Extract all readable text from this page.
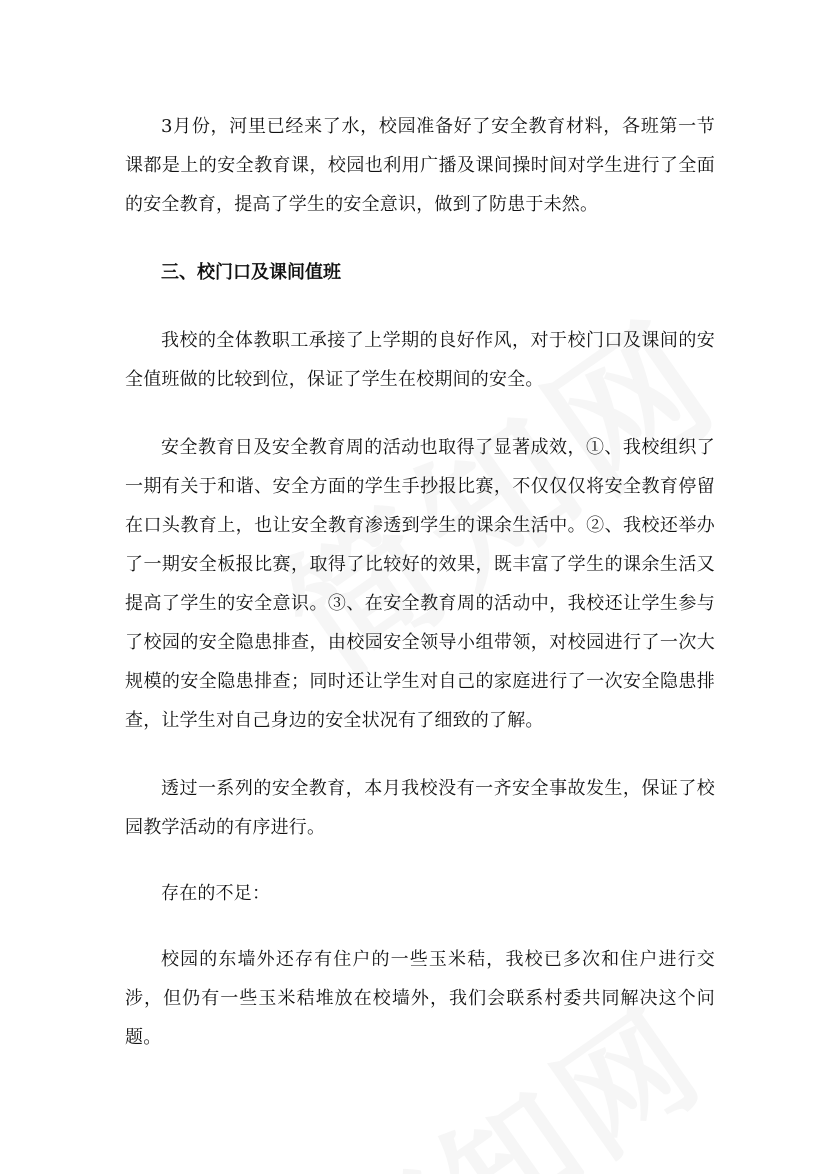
3月份，河里已经来了水，校园准备好了安全教育材料，各班第一节课都是上的安全教育课，校园也利用广播及课间操时间对学生进行了全面的安全教育，提高了学生的安全意识，做到了防患于未然。

三、校门口及课间值班

我校的全体教职工承接了上学期的良好作风，对于校门口及课间的安全值班做的比较到位，保证了学生在校期间的安全。

安全教育日及安全教育周的活动也取得了显著成效，①、我校组织了一期有关于和谐、安全方面的学生手抄报比赛，不仅仅仅将安全教育停留在口头教育上，也让安全教育渗透到学生的课余生活中。②、我校还举办了一期安全板报比赛，取得了比较好的效果，既丰富了学生的课余生活又提高了学生的安全意识。③、在安全教育周的活动中，我校还让学生参与了校园的安全隐患排查，由校园安全领导小组带领，对校园进行了一次大规模的安全隐患排查；同时还让学生对自己的家庭进行了一次安全隐患排查，让学生对自己身边的安全状况有了细致的了解。

透过一系列的安全教育，本月我校没有一齐安全事故发生，保证了校园教学活动的有序进行。

存在的不足：

校园的东墙外还存有住户的一些玉米秸，我校已多次和住户进行交涉，但仍有一些玉米秸堆放在校墙外，我们会联系村委共同解决这个问题。
